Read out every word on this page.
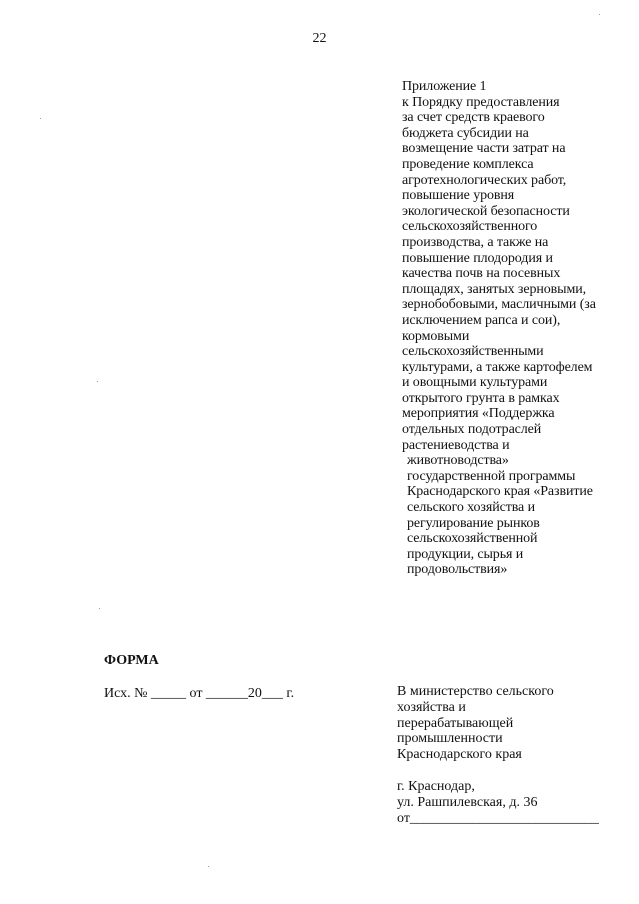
22
Приложение 1
к Порядку предоставления
за счет средств краевого
бюджета субсидии на
возмещение части затрат на
проведение комплекса
агротехнологических работ,
повышение уровня
экологической безопасности
сельскохозяйственного
производства, а также на
повышение плодородия и
качества почв на посевных
площадях, занятых зерновыми,
зернобобовыми, масличными (за
исключением рапса и сои),
кормовыми
сельскохозяйственными
культурами, а также картофелем
и овощными культурами
открытого грунта в рамках
мероприятия «Поддержка
отдельных подотраслей
растениеводства и
животноводства»
государственной программы
Краснодарского края «Развитие
сельского хозяйства и
регулирование рынков
сельскохозяйственной
продукции, сырья и
продовольствия»
ФОРМА
Исх. № _____ от ______20___ г.	В министерство сельского
хозяйства и
перерабатывающей
промышленности
Краснодарского края
г. Краснодар,
ул. Рашпилевская, д. 36
от___________________________
